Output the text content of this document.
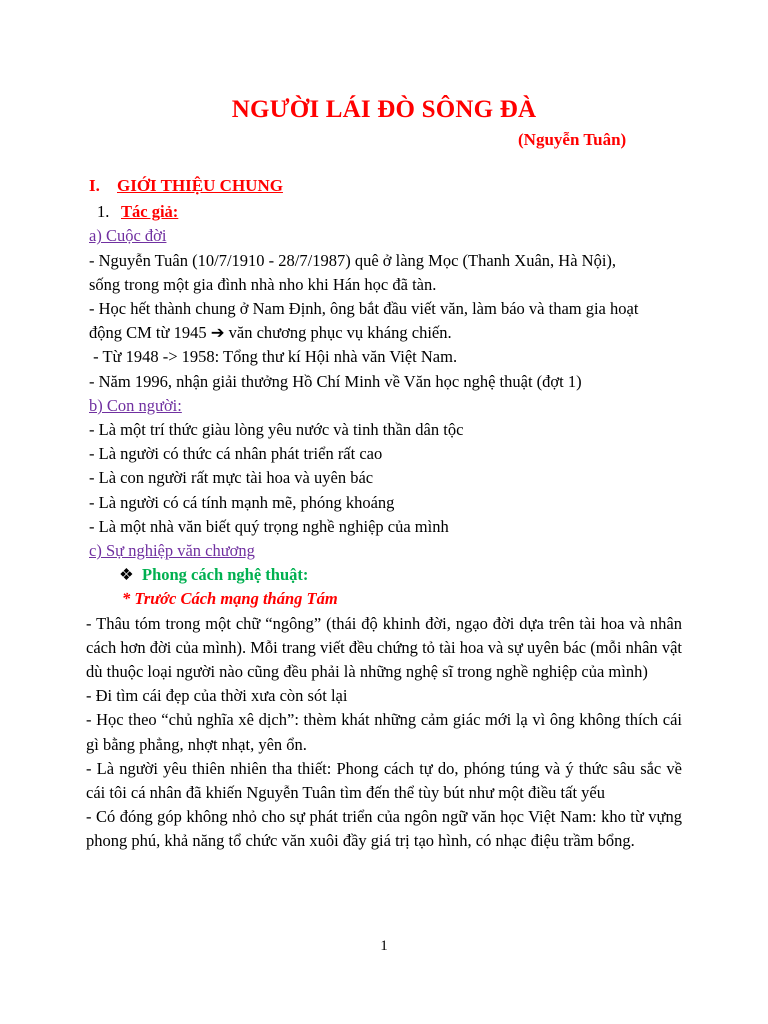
NGƯỜI LÁI ĐÒ SÔNG ĐÀ
(Nguyễn Tuân)
I. GIỚI THIỆU CHUNG
1. Tác giả:
a) Cuộc đời
- Nguyễn Tuân (10/7/1910 - 28/7/1987) quê ở làng Mọc (Thanh Xuân, Hà Nội),
sống trong một gia đình nhà nho khi Hán học đã tàn.
- Học hết thành chung ở Nam Định, ông bắt đầu viết văn, làm báo và tham gia hoạt
động CM từ 1945 ➔ văn chương phục vụ kháng chiến.
- Từ 1948 -> 1958: Tổng thư kí Hội nhà văn Việt Nam.
- Năm 1996, nhận giải thưởng Hồ Chí Minh về Văn học nghệ thuật (đợt 1)
b) Con người:
- Là một trí thức giàu lòng yêu nước và tinh thần dân tộc
- Là người có thức cá nhân phát triển rất cao
- Là con người rất mực tài hoa và uyên bác
- Là người có cá tính mạnh mẽ, phóng khoáng
- Là một nhà văn biết quý trọng nghề nghiệp của mình
c) Sự nghiệp văn chương
❖ Phong cách nghệ thuật:
* Trước Cách mạng tháng Tám
- Thâu tóm trong một chữ “ngông” (thái độ khinh đời, ngạo đời dựa trên tài hoa và nhân cách hơn đời của mình). Mỗi trang viết đều chứng tỏ tài hoa và sự uyên bác (mỗi nhân vật dù thuộc loại người nào cũng đều phải là những nghệ sĩ trong nghề nghiệp của mình)
- Đi tìm cái đẹp của thời xưa còn sót lại
- Học theo “chủ nghĩa xê dịch”: thèm khát những cảm giác mới lạ vì ông không thích cái gì bằng phẳng, nhợt nhạt, yên ổn.
- Là người yêu thiên nhiên tha thiết: Phong cách tự do, phóng túng và ý thức sâu sắc về cái tôi cá nhân đã khiến Nguyễn Tuân tìm đến thể tùy bút như một điều tất yếu
- Có đóng góp không nhỏ cho sự phát triển của ngôn ngữ văn học Việt Nam: kho từ vựng phong phú, khả năng tổ chức văn xuôi đầy giá trị tạo hình, có nhạc điệu trầm bổng.
1
